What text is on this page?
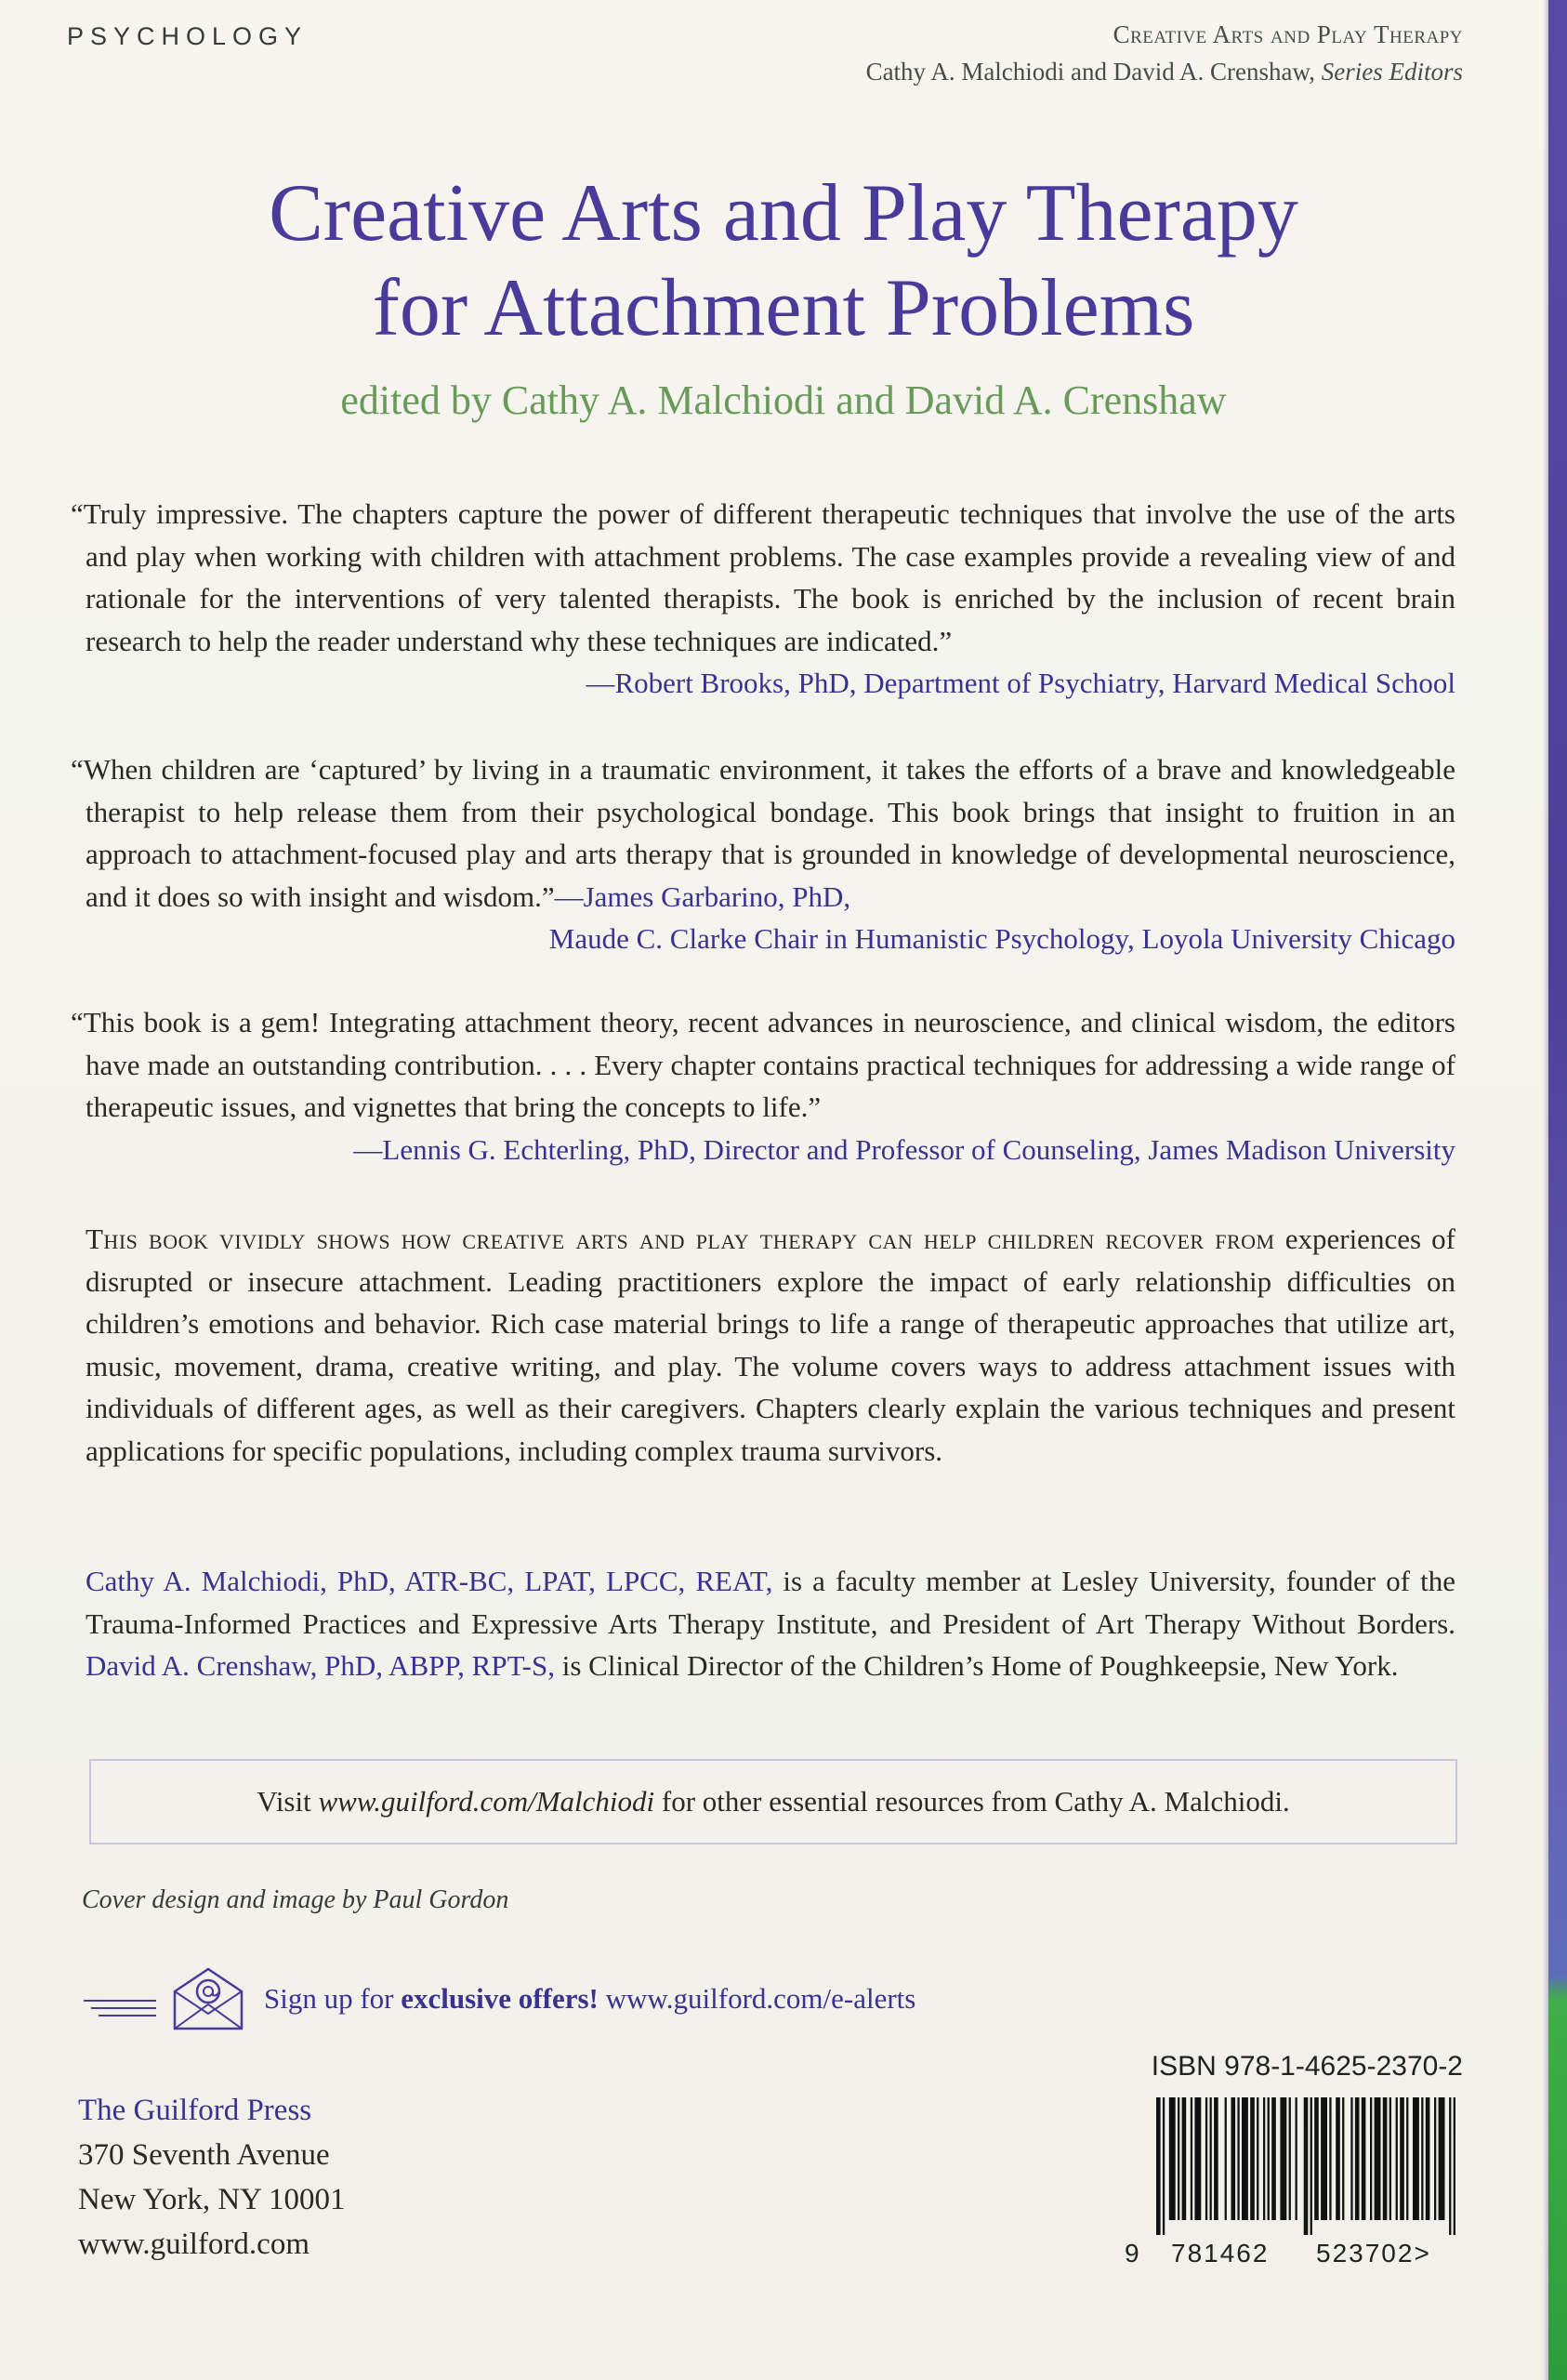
PSYCHOLOGY	Creative Arts and Play Therapy
Cathy A. Malchiodi and David A. Crenshaw, Series Editors
Creative Arts and Play Therapy
for Attachment Problems
edited by Cathy A. Malchiodi and David A. Crenshaw
“Truly impressive. The chapters capture the power of different therapeutic techniques that involve the use of the arts and play when working with children with attachment problems. The case examples provide a revealing view of and rationale for the interventions of very talented therapists. The book is enriched by the inclusion of recent brain research to help the reader understand why these techniques are indicated.”
—Robert Brooks, PhD, Department of Psychiatry, Harvard Medical School
“When children are ‘captured’ by living in a traumatic environment, it takes the efforts of a brave and knowledgeable therapist to help release them from their psychological bondage. This book brings that insight to fruition in an approach to attachment-focused play and arts therapy that is grounded in knowledge of developmental neuroscience, and it does so with insight and wisdom.”—James Garbarino, PhD,
Maude C. Clarke Chair in Humanistic Psychology, Loyola University Chicago
“This book is a gem! Integrating attachment theory, recent advances in neuroscience, and clinical wisdom, the editors have made an outstanding contribution. . . . Every chapter contains practical techniques for addressing a wide range of therapeutic issues, and vignettes that bring the concepts to life.”
—Lennis G. Echterling, PhD, Director and Professor of Counseling, James Madison University
This book vividly shows how creative arts and play therapy can help children recover from experiences of disrupted or insecure attachment. Leading practitioners explore the impact of early relationship difficulties on children’s emotions and behavior. Rich case material brings to life a range of therapeutic approaches that utilize art, music, movement, drama, creative writing, and play. The volume covers ways to address attachment issues with individuals of different ages, as well as their caregivers. Chapters clearly explain the various techniques and present applications for specific populations, including complex trauma survivors.
Cathy A. Malchiodi, PhD, ATR-BC, LPAT, LPCC, REAT, is a faculty member at Lesley University, founder of the Trauma-Informed Practices and Expressive Arts Therapy Institute, and President of Art Therapy Without Borders. David A. Crenshaw, PhD, ABPP, RPT-S, is Clinical Director of the Children’s Home of Poughkeepsie, New York.
Visit www.guilford.com/Malchiodi for other essential resources from Cathy A. Malchiodi.
Cover design and image by Paul Gordon
Sign up for exclusive offers! www.guilford.com/e-alerts
ISBN 978-1-4625-2370-2
9 781462 523702>
The Guilford Press
370 Seventh Avenue
New York, NY 10001
www.guilford.com
